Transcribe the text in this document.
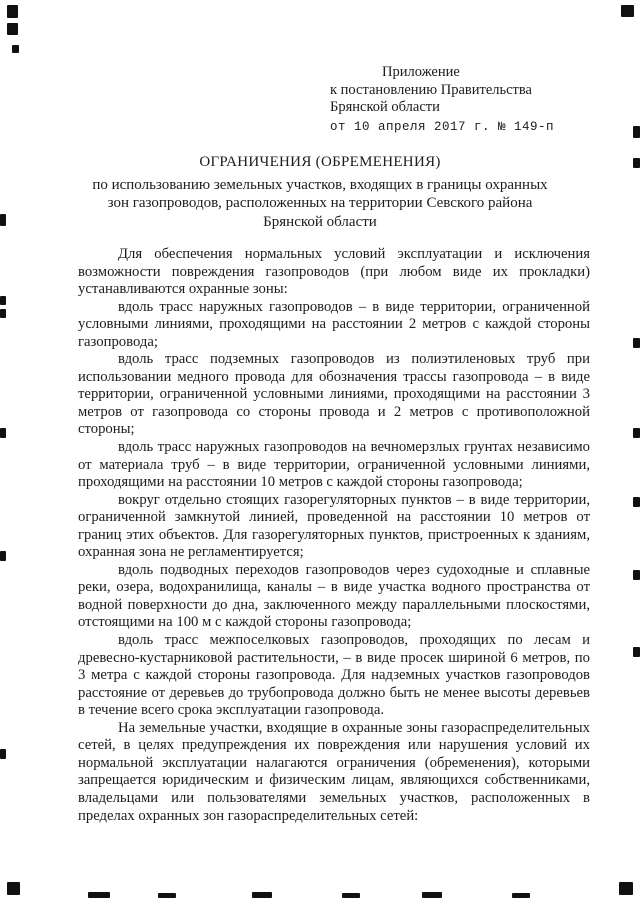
Приложение
к постановлению Правительства
Брянской области
от 10 апреля 2017 г. № 149-п
ОГРАНИЧЕНИЯ (ОБРЕМЕНЕНИЯ)
по использованию земельных участков, входящих в границы охранных зон газопроводов, расположенных на территории Севского района Брянской области

Для обеспечения нормальных условий эксплуатации и исключения возможности повреждения газопроводов (при любом виде их прокладки) устанавливаются охранные зоны:

вдоль трасс наружных газопроводов – в виде территории, ограниченной условными линиями, проходящими на расстоянии 2 метров с каждой стороны газопровода;

вдоль трасс подземных газопроводов из полиэтиленовых труб при использовании медного провода для обозначения трассы газопровода – в виде территории, ограниченной условными линиями, проходящими на расстоянии 3 метров от газопровода со стороны провода и 2 метров с противоположной стороны;

вдоль трасс наружных газопроводов на вечномерзлых грунтах независимо от материала труб – в виде территории, ограниченной условными линиями, проходящими на расстоянии 10 метров с каждой стороны газопровода;

вокруг отдельно стоящих газорегуляторных пунктов – в виде территории, ограниченной замкнутой линией, проведенной на расстоянии 10 метров от границ этих объектов. Для газорегуляторных пунктов, пристроенных к зданиям, охранная зона не регламентируется;

вдоль подводных переходов газопроводов через судоходные и сплавные реки, озера, водохранилища, каналы – в виде участка водного пространства от водной поверхности до дна, заключенного между параллельными плоскостями, отстоящими на 100 м с каждой стороны газопровода;

вдоль трасс межпоселковых газопроводов, проходящих по лесам и древесно-кустарниковой растительности, – в виде просек шириной 6 метров, по 3 метра с каждой стороны газопровода. Для надземных участков газопроводов расстояние от деревьев до трубопровода должно быть не менее высоты деревьев в течение всего срока эксплуатации газопровода.

На земельные участки, входящие в охранные зоны газораспределительных сетей, в целях предупреждения их повреждения или нарушения условий их нормальной эксплуатации налагаются ограничения (обременения), которыми запрещается юридическим и физическим лицам, являющихся собственниками, владельцами или пользователями земельных участков, расположенных в пределах охранных зон газораспределительных сетей:
